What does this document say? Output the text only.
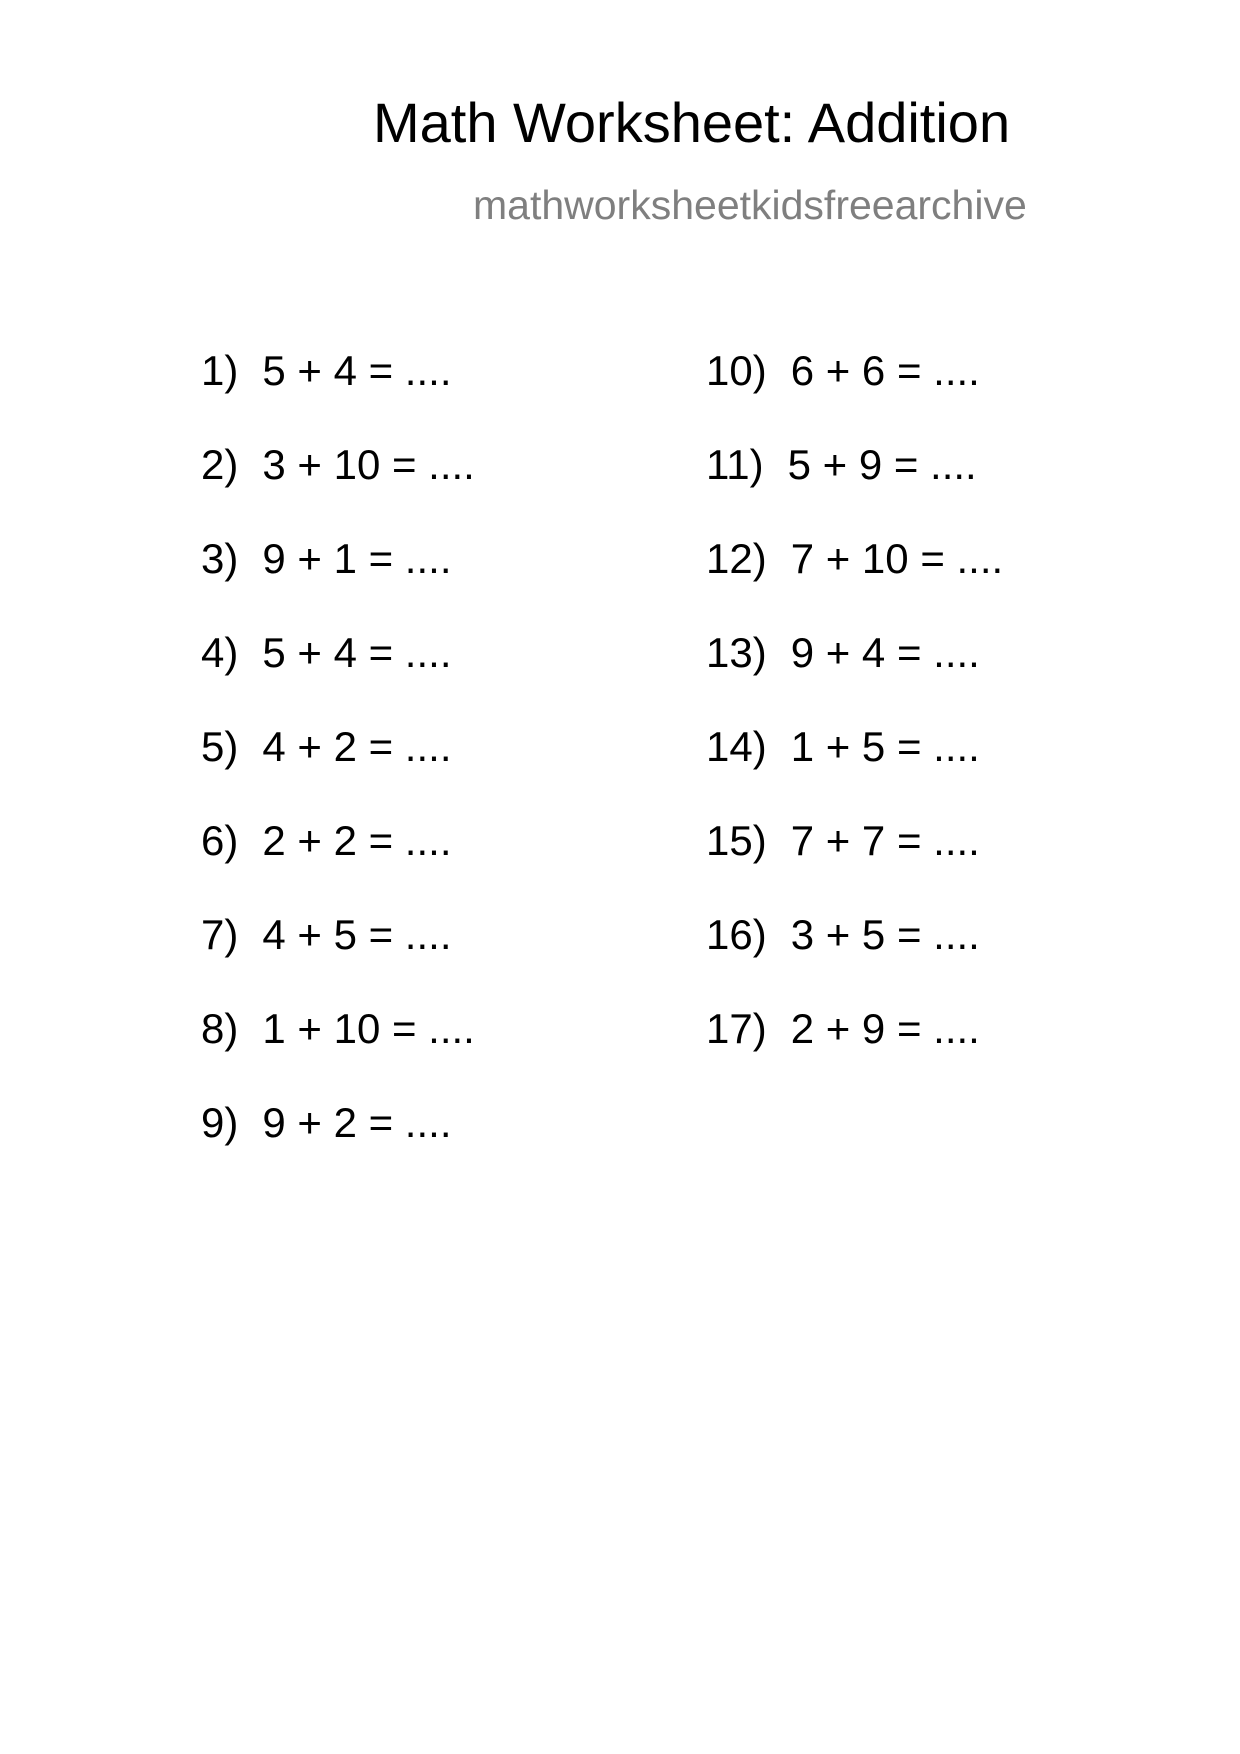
Math Worksheet: Addition
mathworksheetkidsfreearchive
1) 5 + 4 = ....
2) 3 + 10 = ....
3) 9 + 1 = ....
4) 5 + 4 = ....
5) 4 + 2 = ....
6) 2 + 2 = ....
7) 4 + 5 = ....
8) 1 + 10 = ....
9) 9 + 2 = ....
10) 6 + 6 = ....
11) 5 + 9 = ....
12) 7 + 10 = ....
13) 9 + 4 = ....
14) 1 + 5 = ....
15) 7 + 7 = ....
16) 3 + 5 = ....
17) 2 + 9 = ....
